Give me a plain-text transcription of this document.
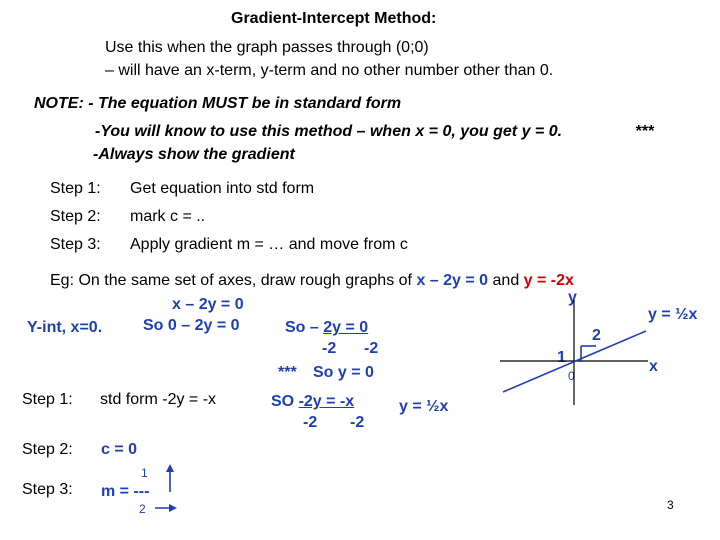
Gradient-Intercept Method:
Use this when the graph passes through (0;0)
– will have an x-term, y-term and no other number other than 0.
NOTE: - The equation MUST be in standard form
-You will know to use this method – when x = 0, you get y = 0.	***
-Always show the gradient
Step 1: Get equation into std form
Step 2: mark c = ..
Step 3: Apply gradient m = … and move from c
Eg: On the same set of axes, draw rough graphs of x – 2y = 0 and y = -2x
x – 2y = 0
Y-int, x=0.	So 0 – 2y = 0	So – 2y = 0
-2 -2
*** So y = 0
Step 1: std form -2y = -x	SO -2y = -x
-2 -2
y = ½x
Step 2: c = 0
Step 3: m = ---
1
2
y
y = ½x
x
2
1
0
3
